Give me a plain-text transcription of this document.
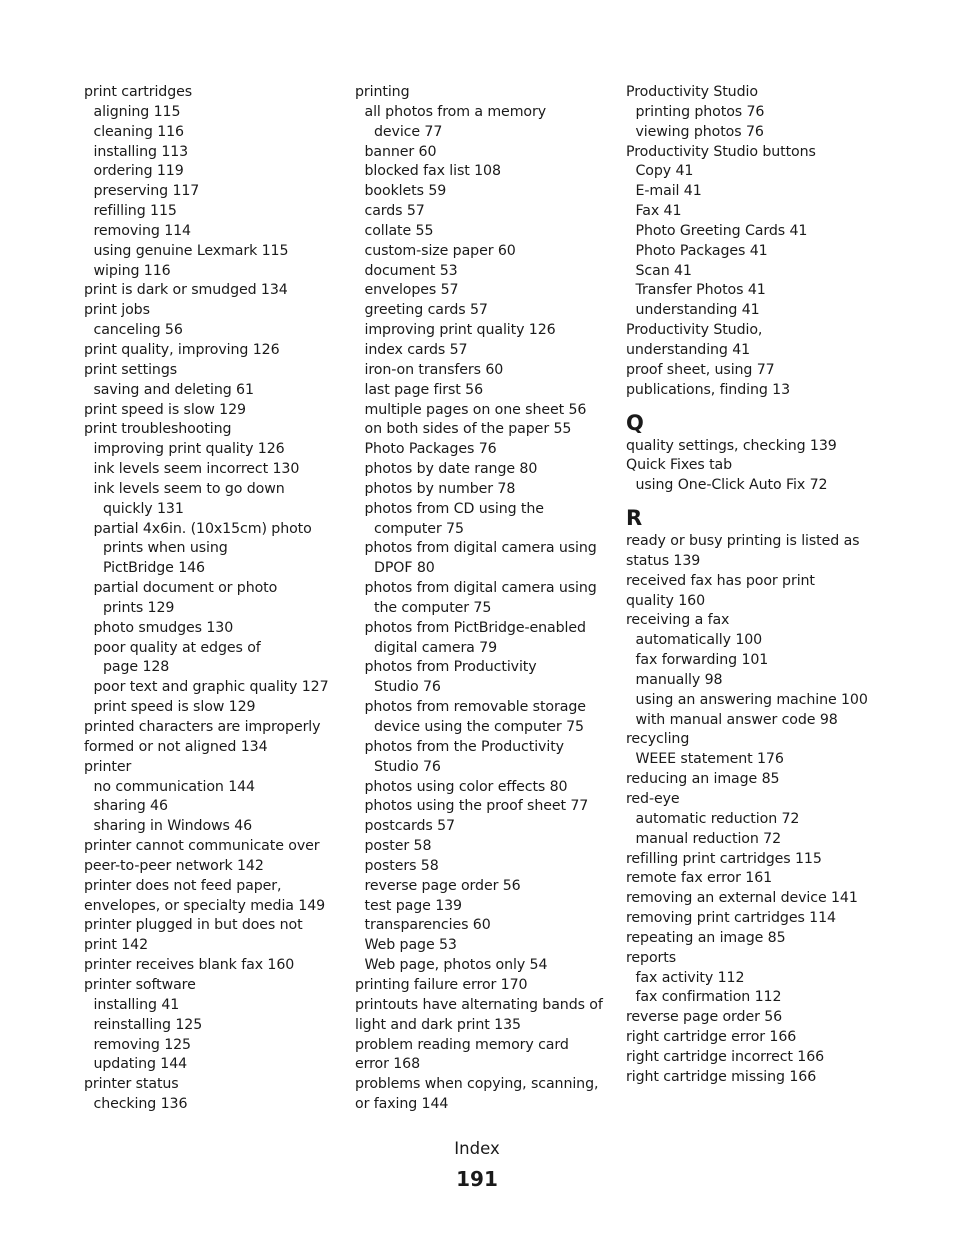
print cartridges
aligning 115
cleaning 116
installing 113
ordering 119
preserving 117
refilling 115
removing 114
using genuine Lexmark 115
wiping 116
print is dark or smudged 134
print jobs
canceling 56
print quality, improving 126
print settings
saving and deleting 61
print speed is slow 129
print troubleshooting
improving print quality 126
ink levels seem incorrect 130
ink levels seem to go down
quickly 131
partial 4x6in. (10x15cm) photo
prints when using
PictBridge 146
partial document or photo
prints 129
photo smudges 130
poor quality at edges of
page 128
poor text and graphic quality 127
print speed is slow 129
printed characters are improperly
formed or not aligned 134
printer
no communication 144
sharing 46
sharing in Windows 46
printer cannot communicate over
peer-to-peer network 142
printer does not feed paper,
envelopes, or specialty media 149
printer plugged in but does not
print 142
printer receives blank fax 160
printer software
installing 41
reinstalling 125
removing 125
updating 144
printer status
checking 136
printing
all photos from a memory
device 77
banner 60
blocked fax list 108
booklets 59
cards 57
collate 55
custom-size paper 60
document 53
envelopes 57
greeting cards 57
improving print quality 126
index cards 57
iron-on transfers 60
last page first 56
multiple pages on one sheet 56
on both sides of the paper 55
Photo Packages 76
photos by date range 80
photos by number 78
photos from CD using the
computer 75
photos from digital camera using
DPOF 80
photos from digital camera using
the computer 75
photos from PictBridge-enabled
digital camera 79
photos from Productivity
Studio 76
photos from removable storage
device using the computer 75
photos from the Productivity
Studio 76
photos using color effects 80
photos using the proof sheet 77
postcards 57
poster 58
posters 58
reverse page order 56
test page 139
transparencies 60
Web page 53
Web page, photos only 54
printing failure error 170
printouts have alternating bands of
light and dark print 135
problem reading memory card
error 168
problems when copying, scanning,
or faxing 144
Productivity Studio
printing photos 76
viewing photos 76
Productivity Studio buttons
Copy 41
E-mail 41
Fax 41
Photo Greeting Cards 41
Photo Packages 41
Scan 41
Transfer Photos 41
understanding 41
Productivity Studio,
understanding 41
proof sheet, using 77
publications, finding 13
Q
quality settings, checking 139
Quick Fixes tab
using One-Click Auto Fix 72
R
ready or busy printing is listed as
status 139
received fax has poor print
quality 160
receiving a fax
automatically 100
fax forwarding 101
manually 98
using an answering machine 100
with manual answer code 98
recycling
WEEE statement 176
reducing an image 85
red-eye
automatic reduction 72
manual reduction 72
refilling print cartridges 115
remote fax error 161
removing an external device 141
removing print cartridges 114
repeating an image 85
reports
fax activity 112
fax confirmation 112
reverse page order 56
right cartridge error 166
right cartridge incorrect 166
right cartridge missing 166
Index
191
